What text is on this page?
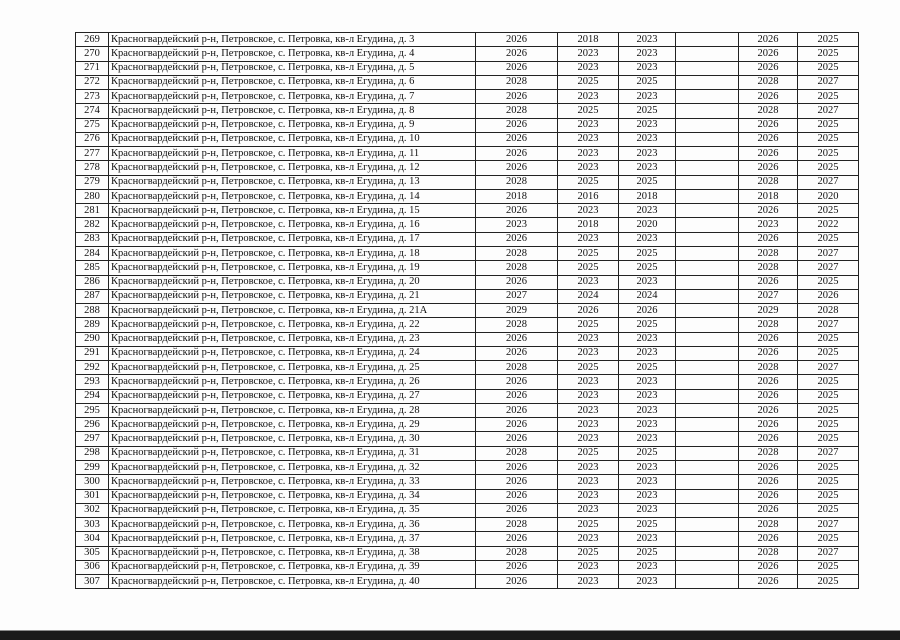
269	Красногвардейский р-н, Петровское, с. Петровка, кв-л Егудина, д. 3	2026	2018	2023		2026	2025
270	Красногвардейский р-н, Петровское, с. Петровка, кв-л Егудина, д. 4	2026	2023	2023		2026	2025
271	Красногвардейский р-н, Петровское, с. Петровка, кв-л Егудина, д. 5	2026	2023	2023		2026	2025
272	Красногвардейский р-н, Петровское, с. Петровка, кв-л Егудина, д. 6	2028	2025	2025		2028	2027
273	Красногвардейский р-н, Петровское, с. Петровка, кв-л Егудина, д. 7	2026	2023	2023		2026	2025
274	Красногвардейский р-н, Петровское, с. Петровка, кв-л Егудина, д. 8	2028	2025	2025		2028	2027
275	Красногвардейский р-н, Петровское, с. Петровка, кв-л Егудина, д. 9	2026	2023	2023		2026	2025
276	Красногвардейский р-н, Петровское, с. Петровка, кв-л Егудина, д. 10	2026	2023	2023		2026	2025
277	Красногвардейский р-н, Петровское, с. Петровка, кв-л Егудина, д. 11	2026	2023	2023		2026	2025
278	Красногвардейский р-н, Петровское, с. Петровка, кв-л Егудина, д. 12	2026	2023	2023		2026	2025
279	Красногвардейский р-н, Петровское, с. Петровка, кв-л Егудина, д. 13	2028	2025	2025		2028	2027
280	Красногвардейский р-н, Петровское, с. Петровка, кв-л Егудина, д. 14	2018	2016	2018		2018	2020
281	Красногвардейский р-н, Петровское, с. Петровка, кв-л Егудина, д. 15	2026	2023	2023		2026	2025
282	Красногвардейский р-н, Петровское, с. Петровка, кв-л Егудина, д. 16	2023	2018	2020		2023	2022
283	Красногвардейский р-н, Петровское, с. Петровка, кв-л Егудина, д. 17	2026	2023	2023		2026	2025
284	Красногвардейский р-н, Петровское, с. Петровка, кв-л Егудина, д. 18	2028	2025	2025		2028	2027
285	Красногвардейский р-н, Петровское, с. Петровка, кв-л Егудина, д. 19	2028	2025	2025		2028	2027
286	Красногвардейский р-н, Петровское, с. Петровка, кв-л Егудина, д. 20	2026	2023	2023		2026	2025
287	Красногвардейский р-н, Петровское, с. Петровка, кв-л Егудина, д. 21	2027	2024	2024		2027	2026
288	Красногвардейский р-н, Петровское, с. Петровка, кв-л Егудина, д. 21А	2029	2026	2026		2029	2028
289	Красногвардейский р-н, Петровское, с. Петровка, кв-л Егудина, д. 22	2028	2025	2025		2028	2027
290	Красногвардейский р-н, Петровское, с. Петровка, кв-л Егудина, д. 23	2026	2023	2023		2026	2025
291	Красногвардейский р-н, Петровское, с. Петровка, кв-л Егудина, д. 24	2026	2023	2023		2026	2025
292	Красногвардейский р-н, Петровское, с. Петровка, кв-л Егудина, д. 25	2028	2025	2025		2028	2027
293	Красногвардейский р-н, Петровское, с. Петровка, кв-л Егудина, д. 26	2026	2023	2023		2026	2025
294	Красногвардейский р-н, Петровское, с. Петровка, кв-л Егудина, д. 27	2026	2023	2023		2026	2025
295	Красногвардейский р-н, Петровское, с. Петровка, кв-л Егудина, д. 28	2026	2023	2023		2026	2025
296	Красногвардейский р-н, Петровское, с. Петровка, кв-л Егудина, д. 29	2026	2023	2023		2026	2025
297	Красногвардейский р-н, Петровское, с. Петровка, кв-л Егудина, д. 30	2026	2023	2023		2026	2025
298	Красногвардейский р-н, Петровское, с. Петровка, кв-л Егудина, д. 31	2028	2025	2025		2028	2027
299	Красногвардейский р-н, Петровское, с. Петровка, кв-л Егудина, д. 32	2026	2023	2023		2026	2025
300	Красногвардейский р-н, Петровское, с. Петровка, кв-л Егудина, д. 33	2026	2023	2023		2026	2025
301	Красногвардейский р-н, Петровское, с. Петровка, кв-л Егудина, д. 34	2026	2023	2023		2026	2025
302	Красногвардейский р-н, Петровское, с. Петровка, кв-л Егудина, д. 35	2026	2023	2023		2026	2025
303	Красногвардейский р-н, Петровское, с. Петровка, кв-л Егудина, д. 36	2028	2025	2025		2028	2027
304	Красногвардейский р-н, Петровское, с. Петровка, кв-л Егудина, д. 37	2026	2023	2023		2026	2025
305	Красногвардейский р-н, Петровское, с. Петровка, кв-л Егудина, д. 38	2028	2025	2025		2028	2027
306	Красногвардейский р-н, Петровское, с. Петровка, кв-л Егудина, д. 39	2026	2023	2023		2026	2025
307	Красногвардейский р-н, Петровское, с. Петровка, кв-л Егудина, д. 40	2026	2023	2023		2026	2025
